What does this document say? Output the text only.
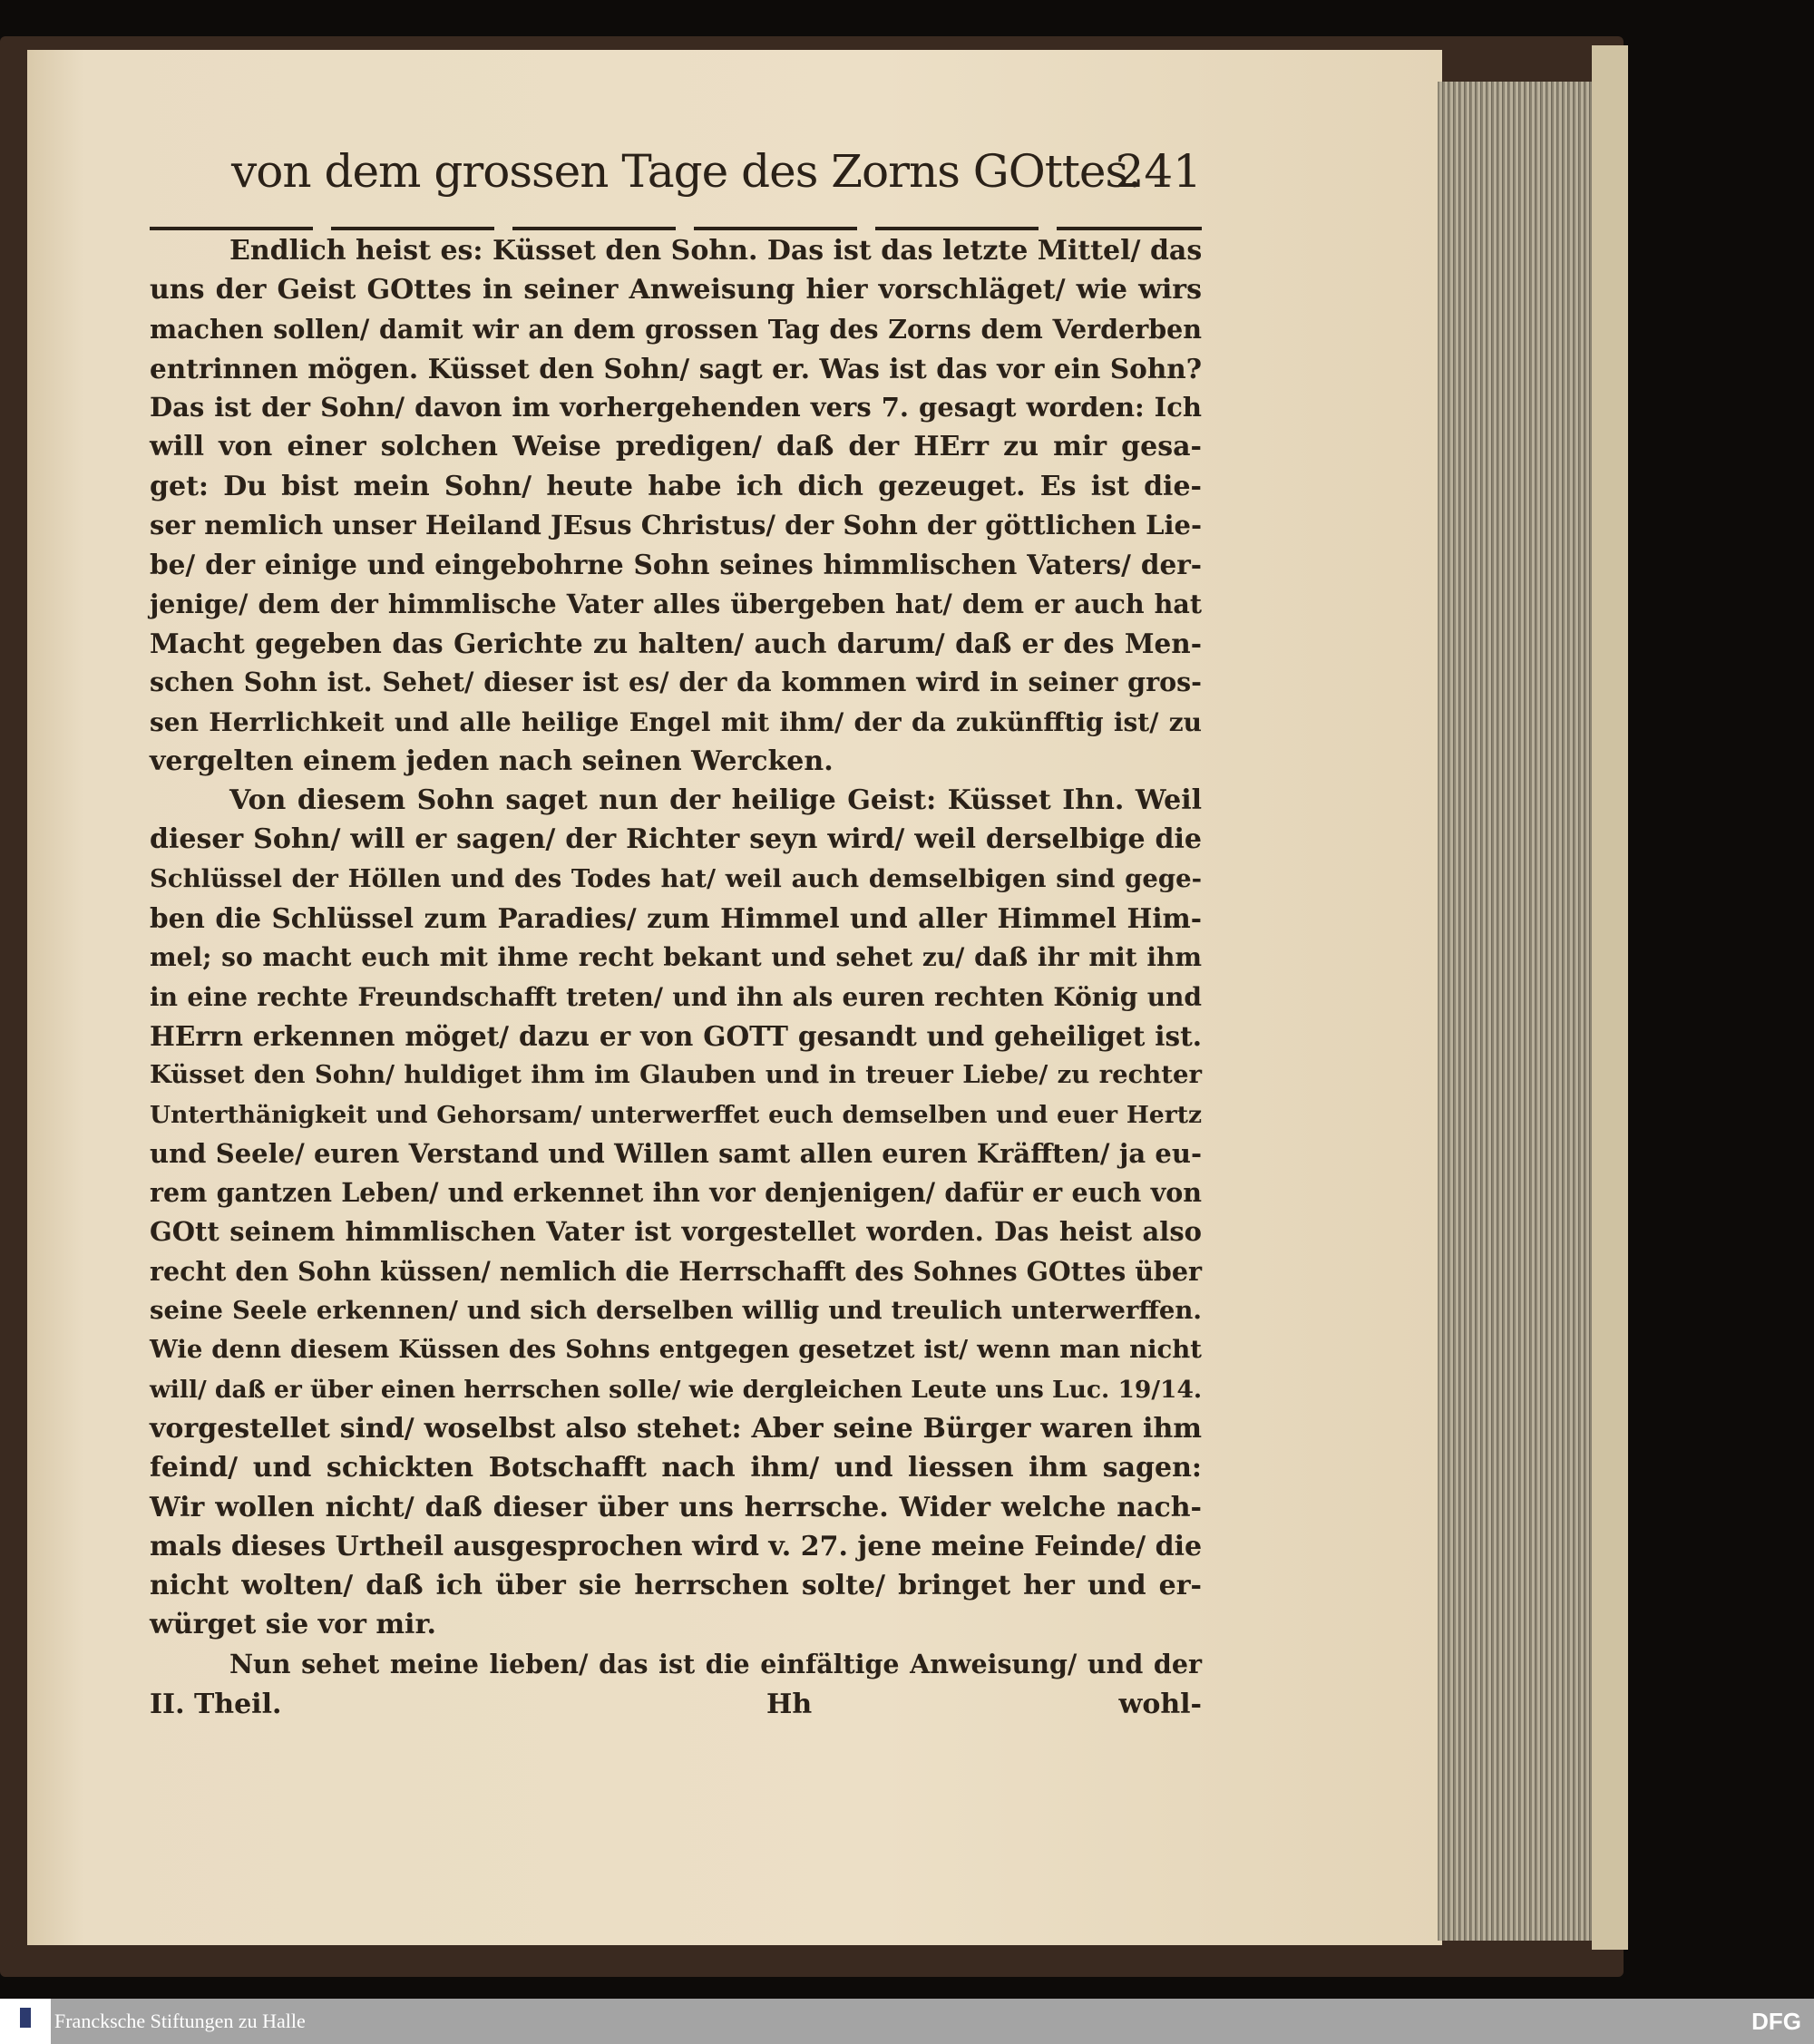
von dem grossen Tage des Zorns GOttes.
241
Endlich heist es: Küsset den Sohn. Das ist das letzte Mittel/ das
uns der Geist GOttes in seiner Anweisung hier vorschläget/ wie wirs
machen sollen/ damit wir an dem grossen Tag des Zorns dem Verderben
entrinnen mögen. Küsset den Sohn/ sagt er. Was ist das vor ein Sohn?
Das ist der Sohn/ davon im vorhergehenden vers 7. gesagt worden: Ich
will von einer solchen Weise predigen/ daß der HErr zu mir gesa-
get: Du bist mein Sohn/ heute habe ich dich gezeuget. Es ist die-
ser nemlich unser Heiland JEsus Christus/ der Sohn der göttlichen Lie-
be/ der einige und eingebohrne Sohn seines himmlischen Vaters/ der-
jenige/ dem der himmlische Vater alles übergeben hat/ dem er auch hat
Macht gegeben das Gerichte zu halten/ auch darum/ daß er des Men-
schen Sohn ist. Sehet/ dieser ist es/ der da kommen wird in seiner gros-
sen Herrlichkeit und alle heilige Engel mit ihm/ der da zukünfftig ist/ zu
vergelten einem jeden nach seinen Wercken.
Von diesem Sohn saget nun der heilige Geist: Küsset Ihn. Weil
dieser Sohn/ will er sagen/ der Richter seyn wird/ weil derselbige die
Schlüssel der Höllen und des Todes hat/ weil auch demselbigen sind gege-
ben die Schlüssel zum Paradies/ zum Himmel und aller Himmel Him-
mel; so macht euch mit ihme recht bekant und sehet zu/ daß ihr mit ihm
in eine rechte Freundschafft treten/ und ihn als euren rechten König und
HErrn erkennen möget/ dazu er von GOTT gesandt und geheiliget ist.
Küsset den Sohn/ huldiget ihm im Glauben und in treuer Liebe/ zu rechter
Unterthänigkeit und Gehorsam/ unterwerffet euch demselben und euer Hertz
und Seele/ euren Verstand und Willen samt allen euren Kräfften/ ja eu-
rem gantzen Leben/ und erkennet ihn vor denjenigen/ dafür er euch von
GOtt seinem himmlischen Vater ist vorgestellet worden. Das heist also
recht den Sohn küssen/ nemlich die Herrschafft des Sohnes GOttes über
seine Seele erkennen/ und sich derselben willig und treulich unterwerffen.
Wie denn diesem Küssen des Sohns entgegen gesetzet ist/ wenn man nicht
will/ daß er über einen herrschen solle/ wie dergleichen Leute uns Luc. 19/14.
vorgestellet sind/ woselbst also stehet: Aber seine Bürger waren ihm
feind/ und schickten Botschafft nach ihm/ und liessen ihm sagen:
Wir wollen nicht/ daß dieser über uns herrsche. Wider welche nach-
mals dieses Urtheil ausgesprochen wird v. 27. jene meine Feinde/ die
nicht wolten/ daß ich über sie herrschen solte/ bringet her und er-
würget sie vor mir.
Nun sehet meine lieben/ das ist die einfältige Anweisung/ und der
II. Theil.	Hh	wohl-
Francksche Stiftungen zu Halle	DFG
